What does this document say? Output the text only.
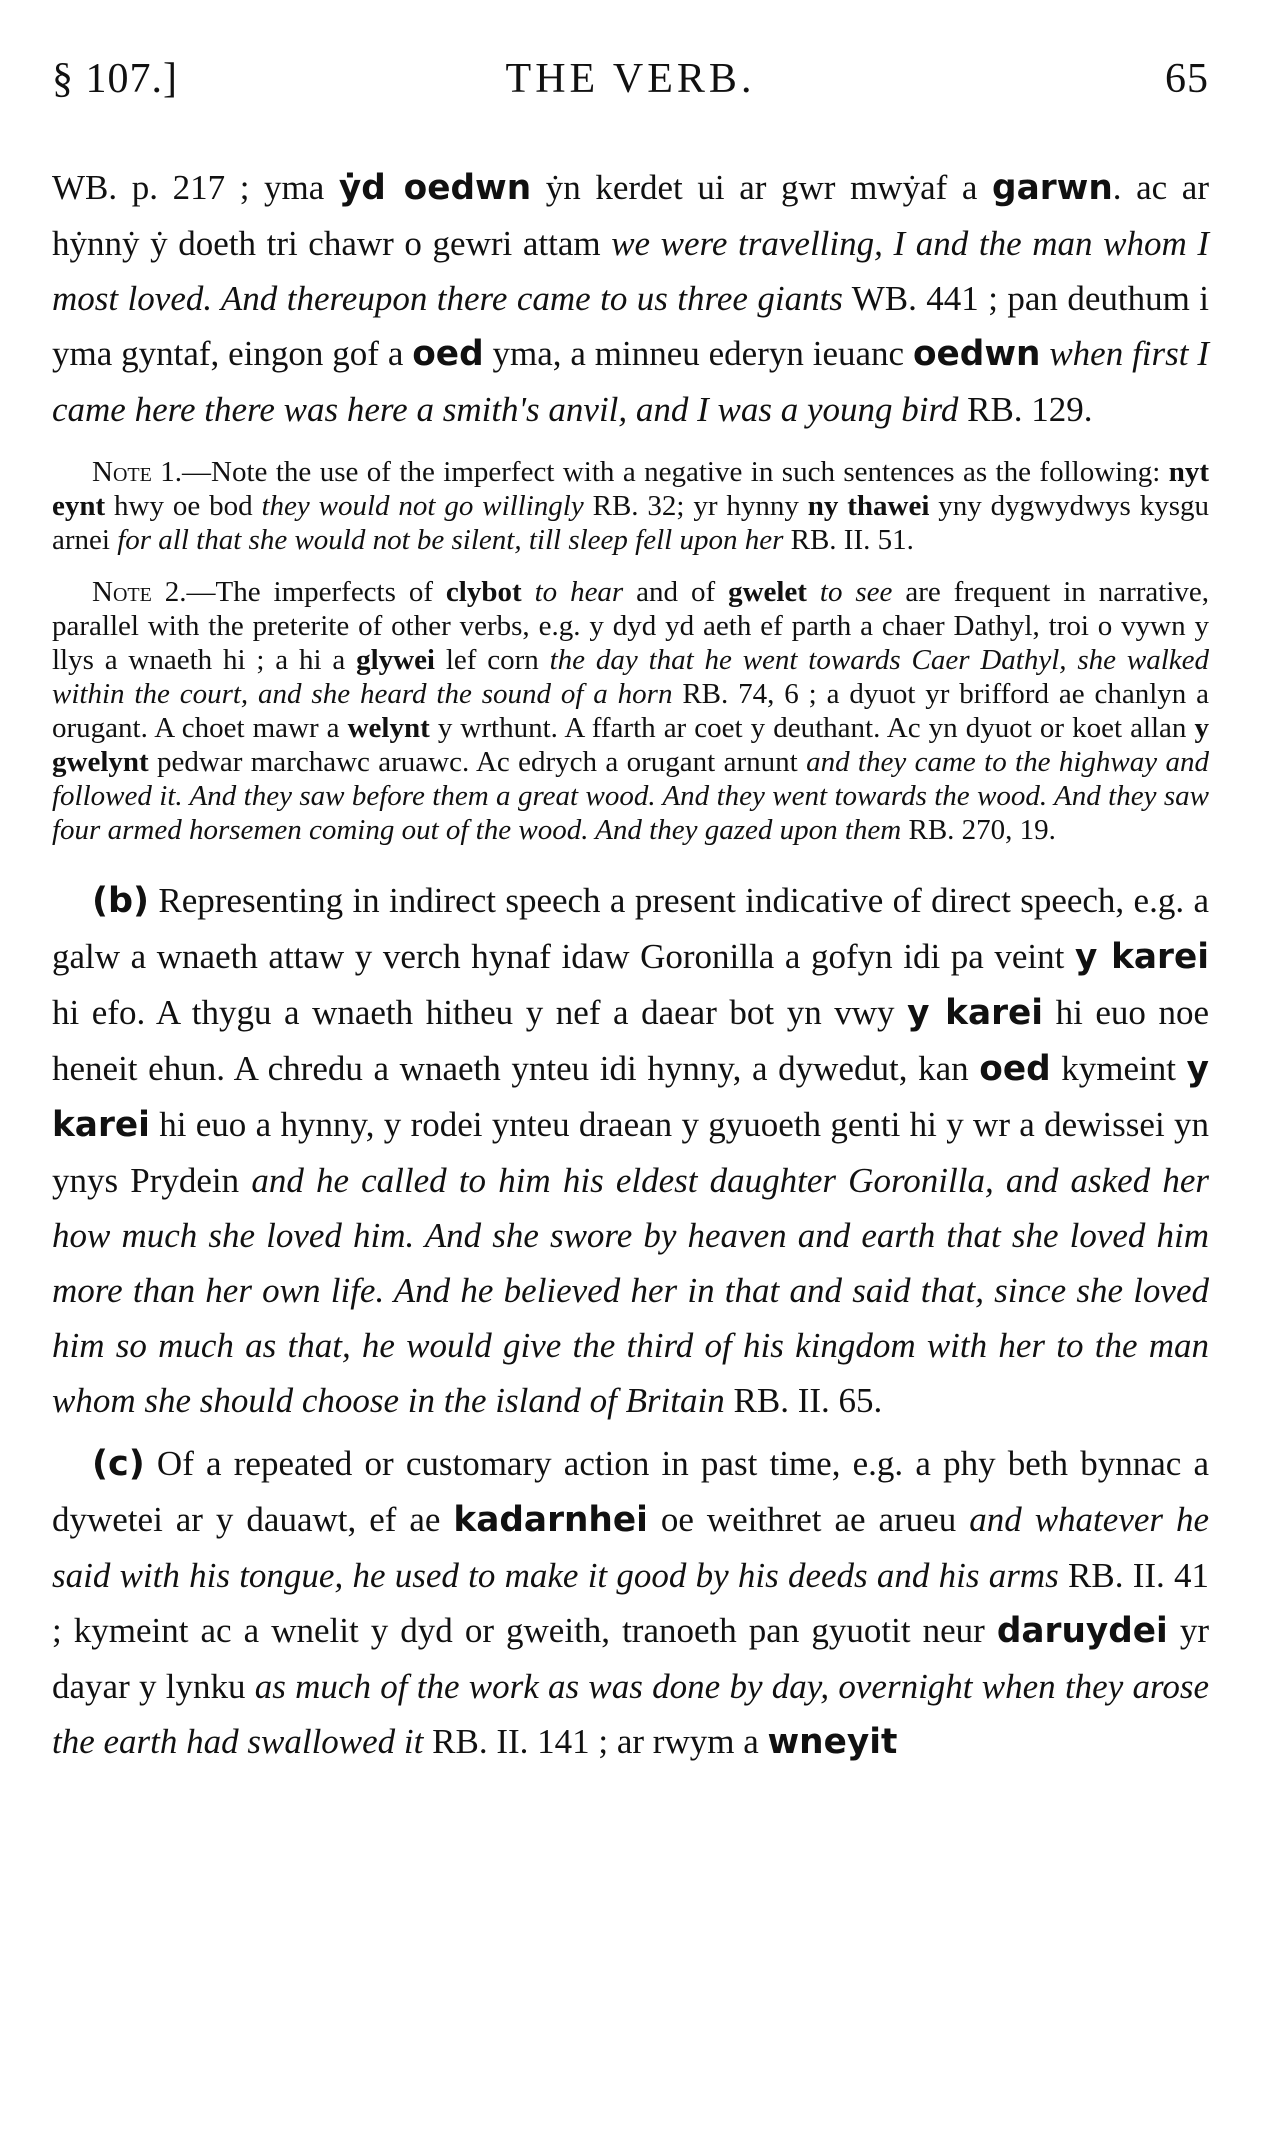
§ 107.]	THE VERB.	65

WB. p. 217 ; yma ẏd oedwn ẏn kerdet ui ar gwr mwẏaf a garwn. ac ar hẏnnẏ ẏ doeth tri chawr o gewri attam we were travelling, I and the man whom I most loved. And thereupon there came to us three giants WB. 441 ; pan deuthum i yma gyntaf, eingon gof a oed yma, a minneu ederyn ieuanc oedwn when first I came here there was here a smith's anvil, and I was a young bird RB. 129.

Note 1.—Note the use of the imperfect with a negative in such sentences as the following: nyt eynt hwy oe bod they would not go willingly RB. 32; yr hynny ny thawei yny dygwydwys kysgu arnei for all that she would not be silent, till sleep fell upon her RB. II. 51.

Note 2.—The imperfects of clybot to hear and of gwelet to see are frequent in narrative, parallel with the preterite of other verbs, e.g. y dyd yd aeth ef parth a chaer Dathyl, troi o vywn y llys a wnaeth hi ; a hi a glywei lef corn the day that he went towards Caer Dathyl, she walked within the court, and she heard the sound of a horn RB. 74, 6 ; a dyuot yr brifford ae chanlyn a orugant. A choet mawr a welynt y wrthunt. A ffarth ar coet y deuthant. Ac yn dyuot or koet allan y gwelynt pedwar marchawc aruawc. Ac edrych a orugant arnunt and they came to the highway and followed it. And they saw before them a great wood. And they went towards the wood. And they saw four armed horsemen coming out of the wood. And they gazed upon them RB. 270, 19.

(b) Representing in indirect speech a present indicative of direct speech, e.g. a galw a wnaeth attaw y verch hynaf idaw Goronilla a gofyn idi pa veint y karei hi efo. A thygu a wnaeth hitheu y nef a daear bot yn vwy y karei hi euo noe heneit ehun. A chredu a wnaeth ynteu idi hynny, a dywedut, kan oed kymeint y karei hi euo a hynny, y rodei ynteu draean y gyuoeth genti hi y wr a dewissei yn ynys Prydein and he called to him his eldest daughter Goronilla, and asked her how much she loved him. And she swore by heaven and earth that she loved him more than her own life. And he believed her in that and said that, since she loved him so much as that, he would give the third of his kingdom with her to the man whom she should choose in the island of Britain RB. II. 65.

(c) Of a repeated or customary action in past time, e.g. a phy beth bynnac a dywetei ar y dauawt, ef ae kadarnhei oe weithret ae arueu and whatever he said with his tongue, he used to make it good by his deeds and his arms RB. II. 41 ; kymeint ac a wnelit y dyd or gweith, tranoeth pan gyuotit neur daruydei yr dayar y lynku as much of the work as was done by day, overnight when they arose the earth had swallowed it RB. II. 141 ; ar rwym a wneyit
